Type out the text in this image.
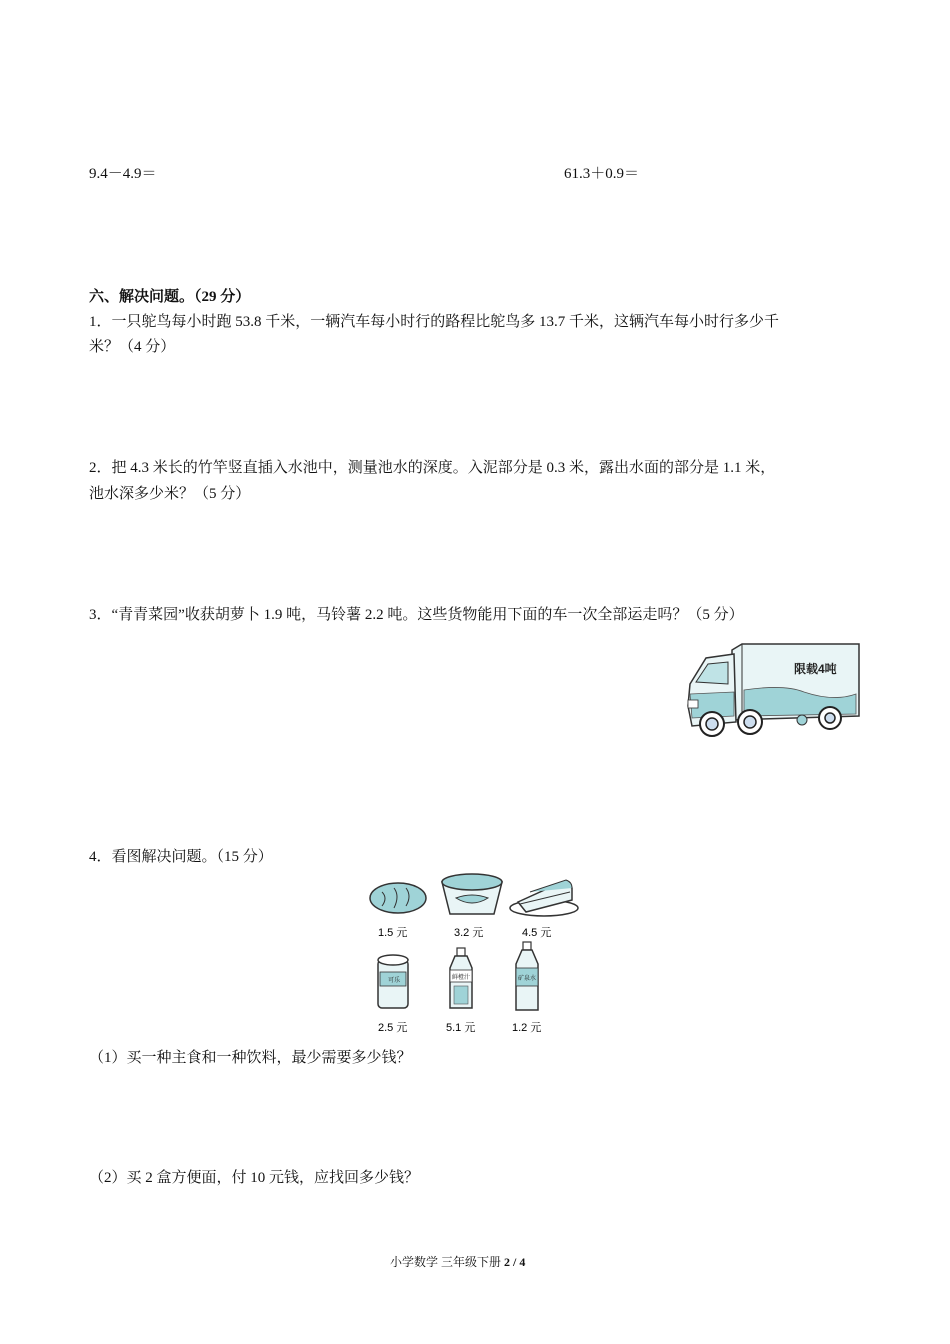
9.4－4.9＝	61.3＋0.9＝
六、解决问题。（29 分）
1．一只鸵鸟每小时跑 53.8 千米，一辆汽车每小时行的路程比鸵鸟多 13.7 千米，这辆汽车每小时行多少千
米？（4 分）
2．把 4.3 米长的竹竿竖直插入水池中，测量池水的深度。入泥部分是 0.3 米，露出水面的部分是 1.1 米，
池水深多少米？（5 分）
3．“青青菜园”收获胡萝卜 1.9 吨，马铃薯 2.2 吨。这些货物能用下面的车一次全部运走吗？（5 分）
限载4吨
4．看图解决问题。（15 分）
1.5 元	3.2 元	4.5 元
可乐
2.5 元
鲜橙汁
5.1 元
矿泉水
1.2 元
（1）买一种主食和一种饮料，最少需要多少钱？
（2）买 2 盒方便面，付 10 元钱，应找回多少钱？
小学数学 三年级下册 2 / 4
